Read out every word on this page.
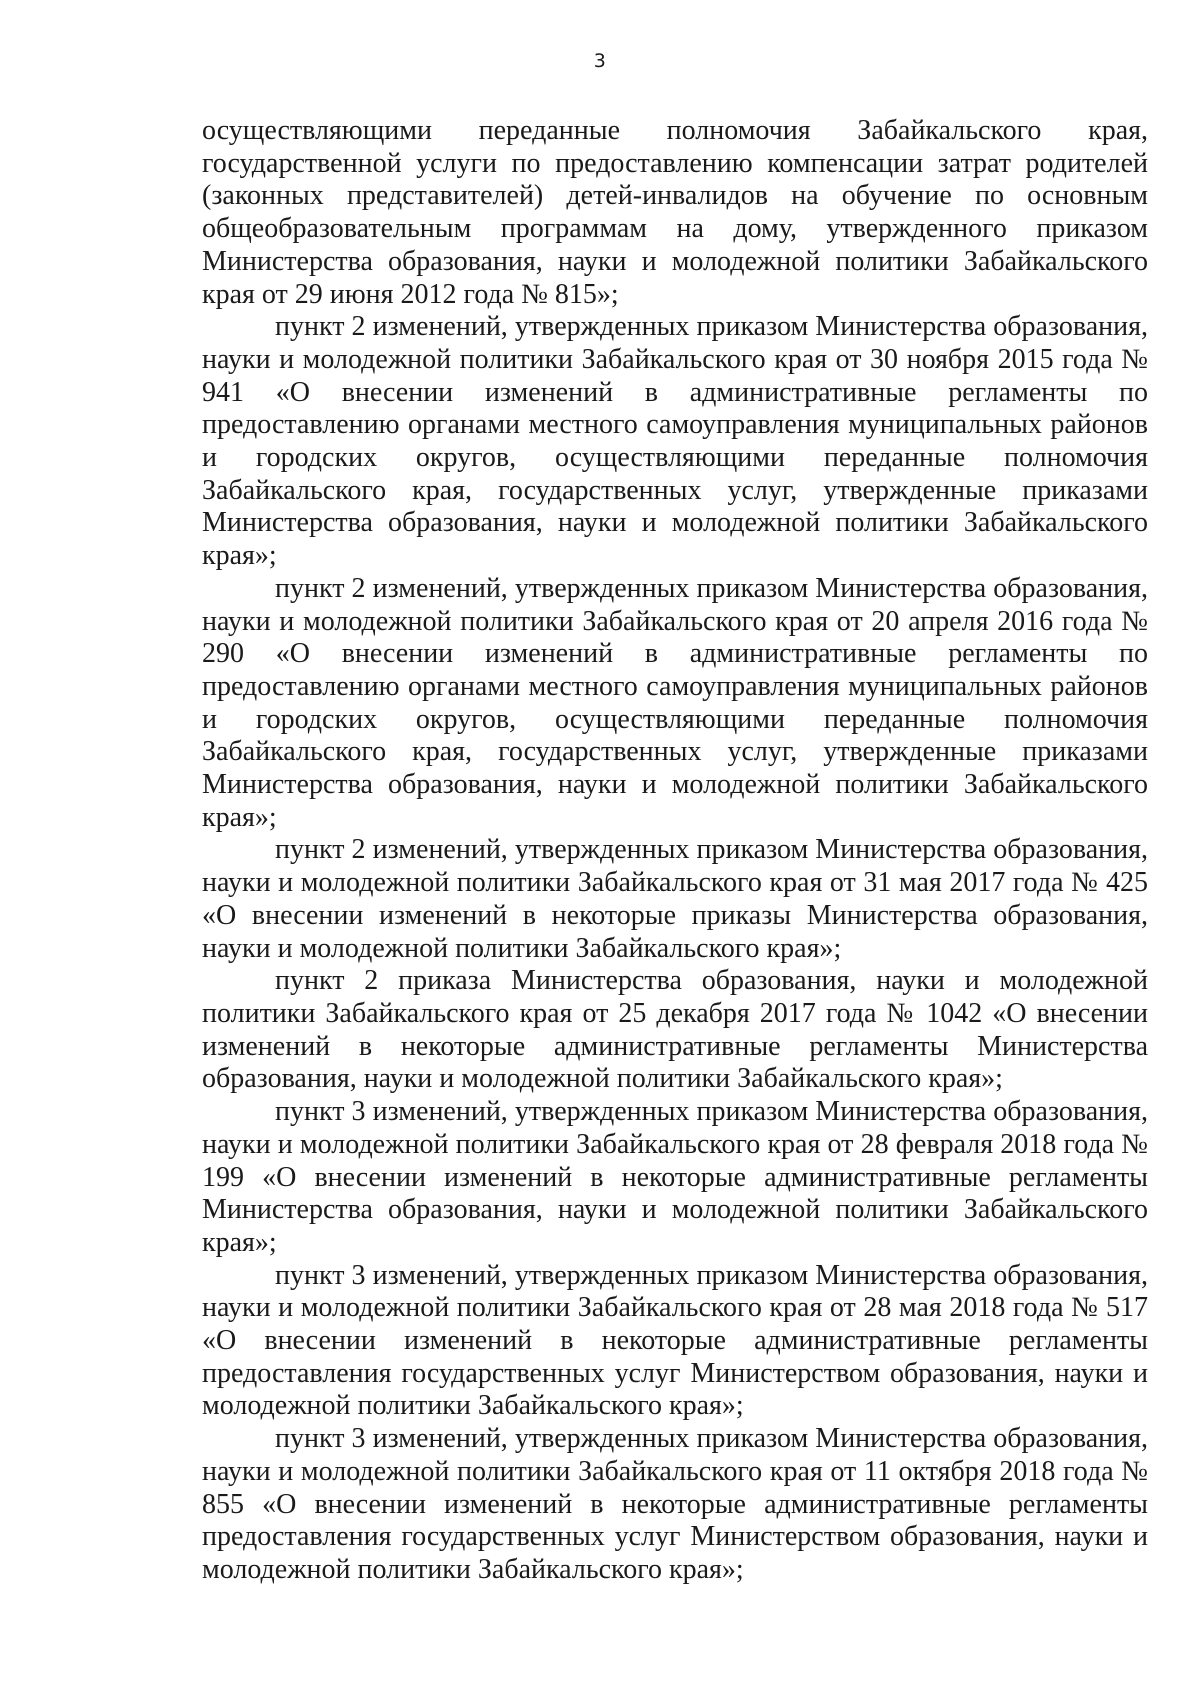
3

осуществляющими переданные полномочия Забайкальского края, государственной услуги по предоставлению компенсации затрат родителей (законных представителей) детей-инвалидов на обучение по основным общеобразовательным программам на дому, утвержденного приказом Министерства образования, науки и молодежной политики Забайкальского края от 29 июня 2012 года № 815»;

пункт 2 изменений, утвержденных приказом Министерства образования, науки и молодежной политики Забайкальского края от 30 ноября 2015 года № 941 «О внесении изменений в административные регламенты по предоставлению органами местного самоуправления муниципальных районов и городских округов, осуществляющими переданные полномочия Забайкальского края, государственных услуг, утвержденные приказами Министерства образования, науки и молодежной политики Забайкальского края»;

пункт 2 изменений, утвержденных приказом Министерства образования, науки и молодежной политики Забайкальского края от 20 апреля 2016 года № 290 «О внесении изменений в административные регламенты по предоставлению органами местного самоуправления муниципальных районов и городских округов, осуществляющими переданные полномочия Забайкальского края, государственных услуг, утвержденные приказами Министерства образования, науки и молодежной политики Забайкальского края»;

пункт 2 изменений, утвержденных приказом Министерства образования, науки и молодежной политики Забайкальского края от 31 мая 2017 года № 425 «О внесении изменений в некоторые приказы Министерства образования, науки и молодежной политики Забайкальского края»;

пункт 2 приказа Министерства образования, науки и молодежной политики Забайкальского края от 25 декабря 2017 года № 1042 «О внесении изменений в некоторые административные регламенты Министерства образования, науки и молодежной политики Забайкальского края»;

пункт 3 изменений, утвержденных приказом Министерства образования, науки и молодежной политики Забайкальского края от 28 февраля 2018 года № 199 «О внесении изменений в некоторые административные регламенты Министерства образования, науки и молодежной политики Забайкальского края»;

пункт 3 изменений, утвержденных приказом Министерства образования, науки и молодежной политики Забайкальского края от 28 мая 2018 года № 517 «О внесении изменений в некоторые административные регламенты предоставления государственных услуг Министерством образования, науки и молодежной политики Забайкальского края»;

пункт 3 изменений, утвержденных приказом Министерства образования, науки и молодежной политики Забайкальского края от 11 октября 2018 года № 855 «О внесении изменений в некоторые административные регламенты предоставления государственных услуг Министерством образования, науки и молодежной политики Забайкальского края»;
